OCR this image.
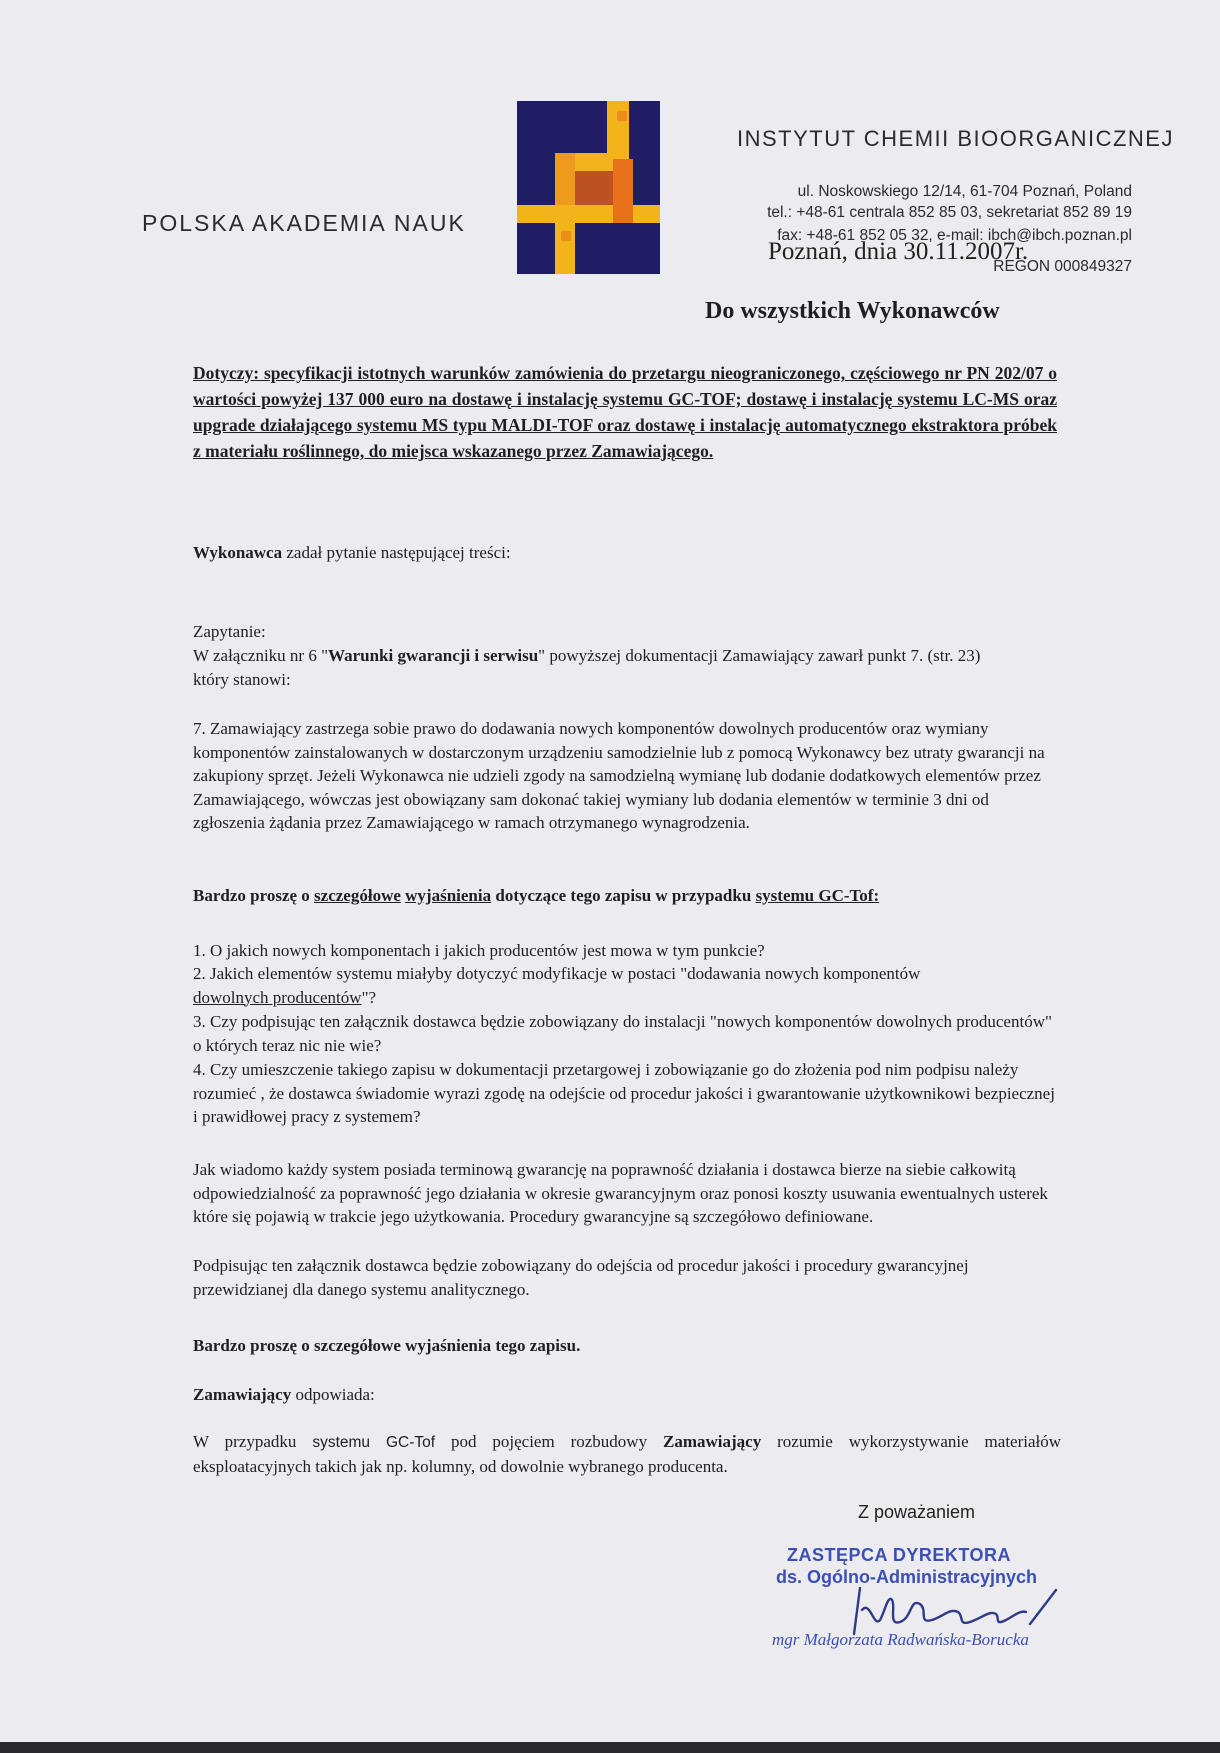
POLSKA AKADEMIA NAUK
INSTYTUT CHEMII BIOORGANICZNEJ
ul. Noskowskiego 12/14, 61-704 Poznań, Poland
tel.: +48-61 centrala 852 85 03, sekretariat 852 89 19
fax: +48-61 852 05 32, e-mail: ibch@ibch.poznan.pl
REGON 000849327
Poznań, dnia 30.11.2007r.
Do wszystkich Wykonawców
Dotyczy: specyfikacji istotnych warunków zamówienia do przetargu nieograniczonego, częściowego nr PN 202/07 o wartości powyżej 137 000 euro na dostawę i instalację systemu GC-TOF; dostawę i instalację systemu LC-MS oraz upgrade działającego systemu MS typu MALDI-TOF oraz dostawę i instalację automatycznego ekstraktora próbek z materiału roślinnego, do miejsca wskazanego przez Zamawiającego.
Wykonawca zadał pytanie następującej treści:
Zapytanie:
W załączniku nr 6 "Warunki gwarancji i serwisu" powyższej dokumentacji Zamawiający zawarł punkt 7. (str. 23) który stanowi:
7. Zamawiający zastrzega sobie prawo do dodawania nowych komponentów dowolnych producentów oraz wymiany komponentów zainstalowanych w dostarczonym urządzeniu samodzielnie lub z pomocą Wykonawcy bez utraty gwarancji na zakupiony sprzęt. Jeżeli Wykonawca nie udzieli zgody na samodzielną wymianę lub dodanie dodatkowych elementów przez Zamawiającego, wówczas jest obowiązany sam dokonać takiej wymiany lub dodania elementów w terminie 3 dni od zgłoszenia żądania przez Zamawiającego w ramach otrzymanego wynagrodzenia.
Bardzo proszę o szczegółowe wyjaśnienia dotyczące tego zapisu w przypadku systemu GC-Tof:
1. O jakich nowych komponentach i jakich producentów jest mowa w tym punkcie?
2. Jakich elementów systemu miałyby dotyczyć modyfikacje w postaci "dodawania nowych komponentów dowolnych producentów"?
3. Czy podpisując ten załącznik dostawca będzie zobowiązany do instalacji "nowych komponentów dowolnych producentów" o których teraz nic nie wie?
4. Czy umieszczenie takiego zapisu w dokumentacji przetargowej i zobowiązanie go do złożenia pod nim podpisu należy rozumieć , że dostawca świadomie wyrazi zgodę na odejście od procedur jakości i gwarantowanie użytkownikowi bezpiecznej i prawidłowej pracy z systemem?
Jak wiadomo każdy system posiada terminową gwarancję na poprawność działania i dostawca bierze na siebie całkowitą odpowiedzialność za poprawność jego działania w okresie gwarancyjnym oraz ponosi koszty usuwania ewentualnych usterek które się pojawią w trakcie jego użytkowania. Procedury gwarancyjne są szczegółowo definiowane.
Podpisując ten załącznik dostawca będzie zobowiązany do odejścia od procedur jakości i procedury gwarancyjnej przewidzianej dla danego systemu analitycznego.
Bardzo proszę o szczegółowe wyjaśnienia tego zapisu.
Zamawiający odpowiada:
W przypadku systemu GC-Tof pod pojęciem rozbudowy Zamawiający rozumie wykorzystywanie materiałów eksploatacyjnych takich jak np. kolumny, od dowolnie wybranego producenta.
Z poważaniem
ZASTĘPCA DYREKTORA
ds. Ogólno-Administracyjnych
mgr Małgorzata Radwańska-Borucka
